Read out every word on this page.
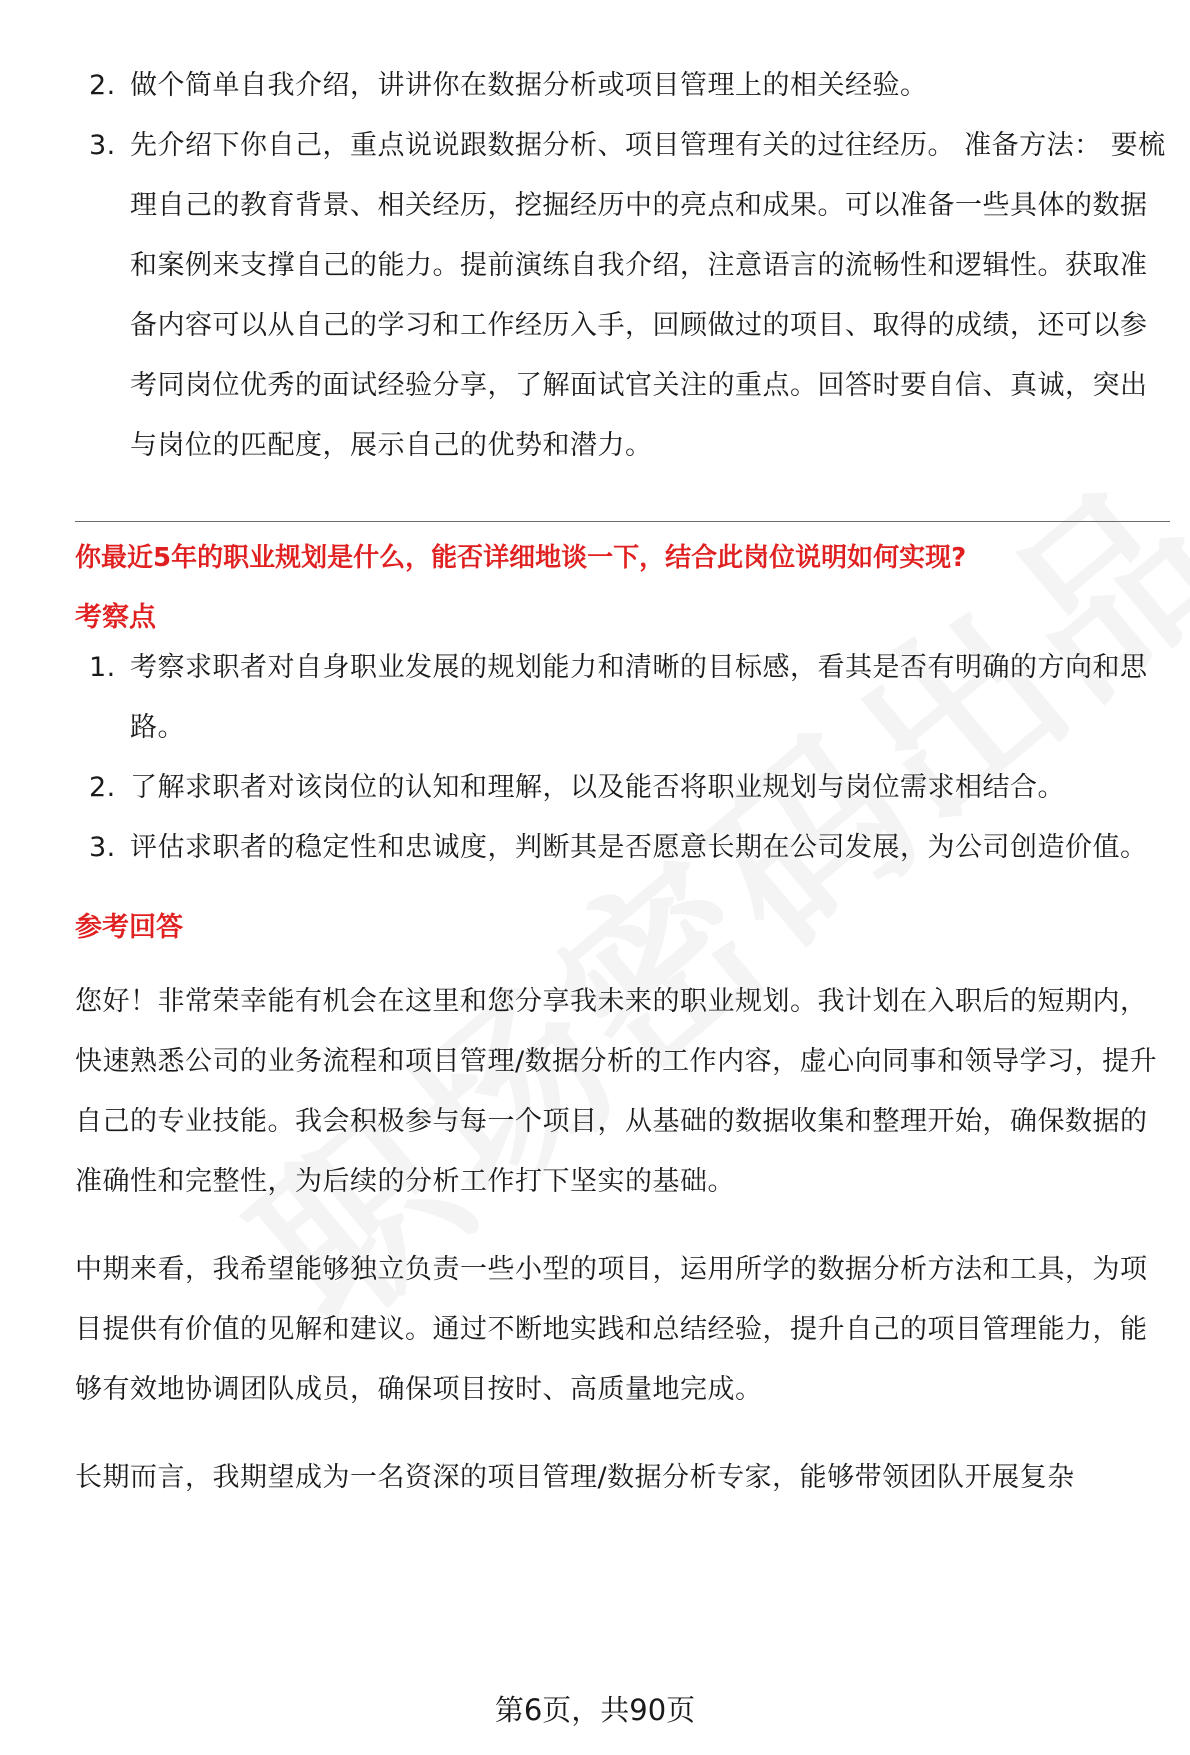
2. 做个简单自我介绍，讲讲你在数据分析或项目管理上的相关经验。
3. 先介绍下你自己，重点说说跟数据分析、项目管理有关的过往经历。 准备方法： 要梳理自己的教育背景、相关经历，挖掘经历中的亮点和成果。可以准备一些具体的数据和案例来支撑自己的能力。提前演练自我介绍，注意语言的流畅性和逻辑性。获取准备内容可以从自己的学习和工作经历入手，回顾做过的项目、取得的成绩，还可以参考同岗位优秀的面试经验分享，了解面试官关注的重点。回答时要自信、真诚，突出与岗位的匹配度，展示自己的优势和潜力。
你最近5年的职业规划是什么，能否详细地谈一下，结合此岗位说明如何实现?
考察点
1. 考察求职者对自身职业发展的规划能力和清晰的目标感，看其是否有明确的方向和思路。
2. 了解求职者对该岗位的认知和理解，以及能否将职业规划与岗位需求相结合。
3. 评估求职者的稳定性和忠诚度，判断其是否愿意长期在公司发展，为公司创造价值。
参考回答

您好！非常荣幸能有机会在这里和您分享我未来的职业规划。我计划在入职后的短期内，快速熟悉公司的业务流程和项目管理/数据分析的工作内容，虚心向同事和领导学习，提升自己的专业技能。我会积极参与每一个项目，从基础的数据收集和整理开始，确保数据的准确性和完整性，为后续的分析工作打下坚实的基础。

中期来看，我希望能够独立负责一些小型的项目，运用所学的数据分析方法和工具，为项目提供有价值的见解和建议。通过不断地实践和总结经验，提升自己的项目管理能力，能够有效地协调团队成员，确保项目按时、高质量地完成。

长期而言，我期望成为一名资深的项目管理/数据分析专家，能够带领团队开展复杂

第6页，共90页
